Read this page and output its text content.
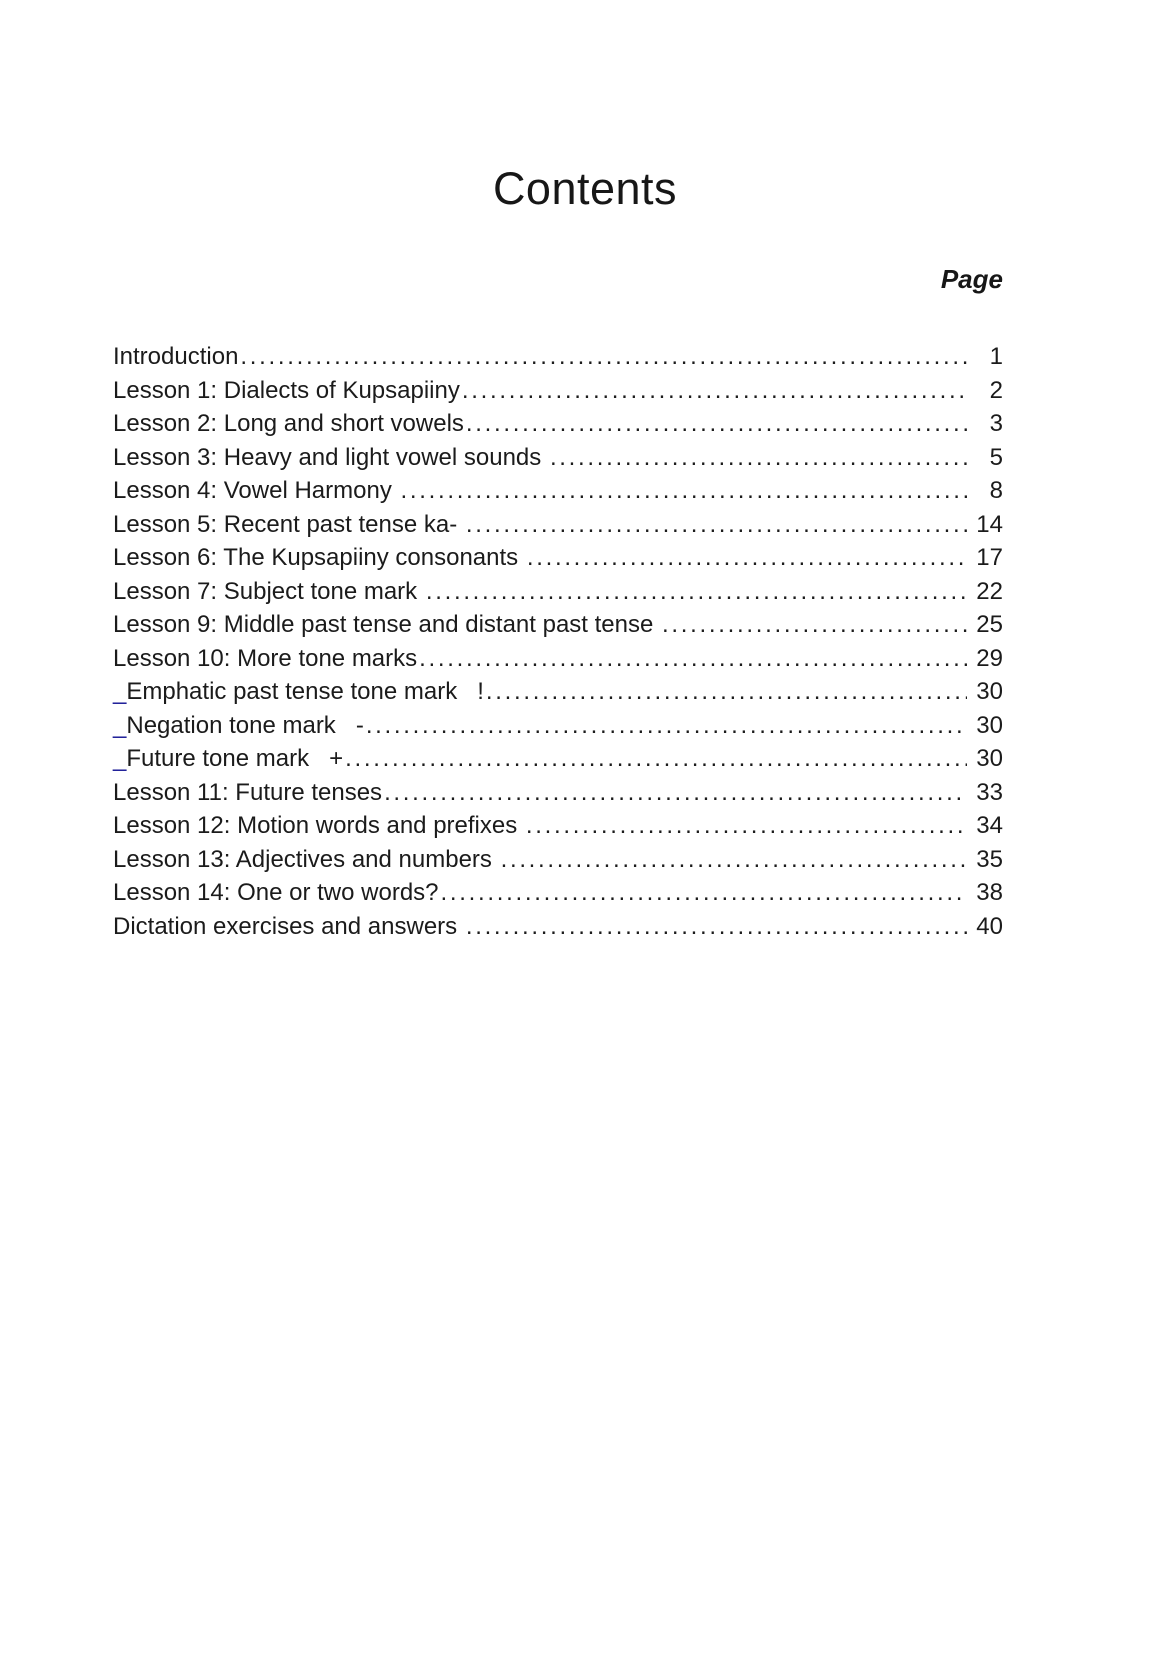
Contents
Page
Introduction .....	1
Lesson 1: Dialects of Kupsapiiny .....	2
Lesson 2: Long and short vowels .....	3
Lesson 3: Heavy and light vowel sounds .....	5
Lesson 4: Vowel Harmony .....	8
Lesson 5: Recent past tense ka- .....	14
Lesson 6: The Kupsapiiny consonants .....	17
Lesson 7: Subject tone mark .....	22
Lesson 9: Middle past tense and distant past tense .....	25
Lesson 10: More tone marks .....	29
_Emphatic past tense tone mark   ! .....	30
_Negation tone mark   - .....	30
_Future tone mark   + .....	30
Lesson 11: Future tenses .....	33
Lesson 12: Motion words and prefixes .....	34
Lesson 13: Adjectives and numbers .....	35
Lesson 14: One or two words? .....	38
Dictation exercises and answers .....	40
